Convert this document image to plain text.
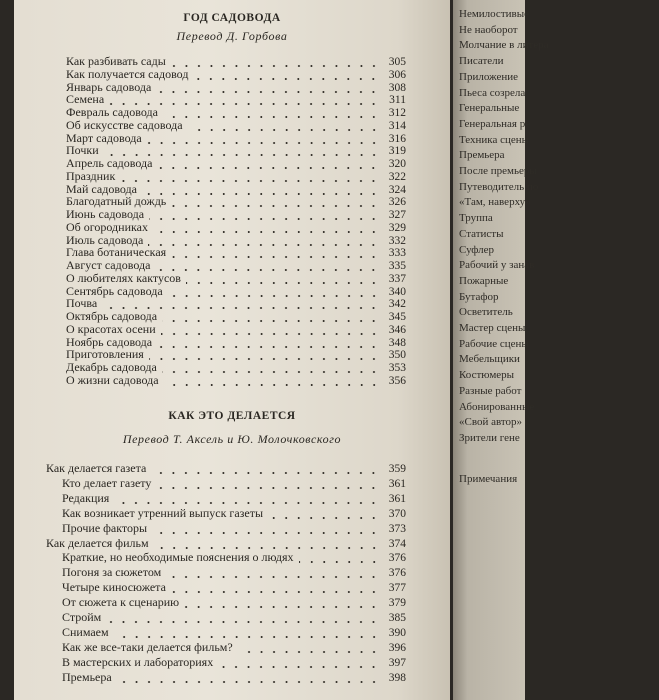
ГОД САДОВОДА
Перевод Д. Горбова
КАК ЭТО ДЕЛАЕТСЯ
Перевод Т. Аксель и Ю. Молочковского
Как разбивать сады	305
Как получается садовод	306
Январь садовода	308
Семена	311
Февраль садовода	312
Об искусстве садовода	314
Март садовода	316
Почки	319
Апрель садовода	320
Праздник	322
Май садовода	324
Благодатный дождь	326
Июнь садовода	327
Об огородниках	329
Июль садовода	332
Глава ботаническая	333
Август садовода	335
О любителях кактусов	337
Сентябрь садовода	340
Почва	342
Октябрь садовода	345
О красотах осени	346
Ноябрь садовода	348
Приготовления	350
Декабрь садовода	353
О жизни садовода	356
Как делается газета	359
Кто делает газету	361
Редакция	361
Как возникает утренний выпуск газеты	370
Прочие факторы	373
Как делается фильм	374
Краткие, но необходимые пояснения о людях	376
Погоня за сюжетом	376
Четыре киносюжета	377
От сюжета к сценарию	379
Стройм	385
Снимаем	390
Как же все-таки делается фильм?	396
В мастерских и лабораториях	397
Премьера	398
Немилостивые
Не наоборот
Молчание в литера
Писатели
Приложение
Пьеса созрела
Генеральные
Генеральная ре
Техника сцены
Премьера
После премьеры
Путеводитель по
«Там, наверху»
Труппа
Статисты
Суфлер
Рабочий у занав
Пожарные
Бутафор
Осветитель
Мастер сцены
Рабочие сцены
Мебельщики
Костюмеры
Разные работ
Абонированные
«Свой автор»
Зрители гене
Примечания
